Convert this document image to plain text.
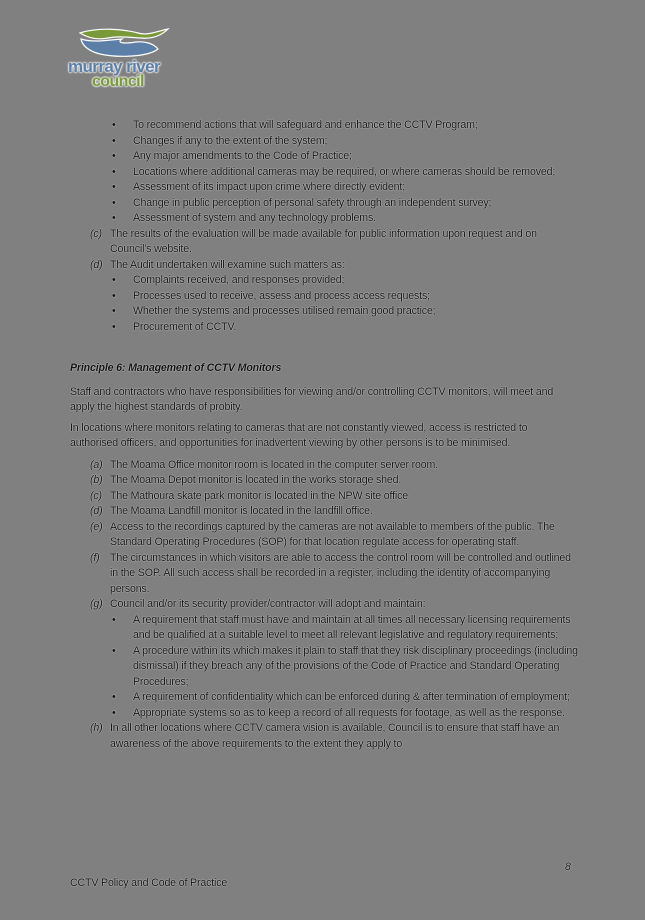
murray river
council
• To recommend actions that will safeguard and enhance the CCTV Program;
• Changes if any to the extent of the system;
• Any major amendments to the Code of Practice;
• Locations where additional cameras may be required, or where cameras should be removed;
• Assessment of its impact upon crime where directly evident;
• Change in public perception of personal safety through an independent survey;
• Assessment of system and any technology problems.
(c) The results of the evaluation will be made available for public information upon request and on Council's website.
(d) The Audit undertaken will examine such matters as:
• Complaints received, and responses provided;
• Processes used to receive, assess and process access requests;
• Whether the systems and processes utilised remain good practice;
• Procurement of CCTV.
Principle 6: Management of CCTV Monitors
Staff and contractors who have responsibilities for viewing and/or controlling CCTV monitors, will meet and apply the highest standards of probity.
In locations where monitors relating to cameras that are not constantly viewed, access is restricted to authorised officers, and opportunities for inadvertent viewing by other persons is to be minimised.
(a) The Moama Office monitor room is located in the computer server room.
(b) The Moama Depot monitor is located in the works storage shed.
(c) The Mathoura skate park monitor is located in the NPW site office
(d) The Moama Landfill monitor is located in the landfill office.
(e) Access to the recordings captured by the cameras are not available to members of the public. The Standard Operating Procedures (SOP) for that location regulate access for operating staff.
(f) The circumstances in which visitors are able to access the control room will be controlled and outlined in the SOP. All such access shall be recorded in a register, including the identity of accompanying persons.
(g) Council and/or its security provider/contractor will adopt and maintain:
• A requirement that staff must have and maintain at all times all necessary licensing requirements and be qualified at a suitable level to meet all relevant legislative and regulatory requirements;
• A procedure within its which makes it plain to staff that they risk disciplinary proceedings (including dismissal) if they breach any of the provisions of the Code of Practice and Standard Operating Procedures;
• A requirement of confidentiality which can be enforced during & after termination of employment;
• Appropriate systems so as to keep a record of all requests for footage, as well as the response.
(h) In all other locations where CCTV camera vision is available, Council is to ensure that staff have an awareness of the above requirements to the extent they apply to
8
CCTV Policy and Code of Practice
